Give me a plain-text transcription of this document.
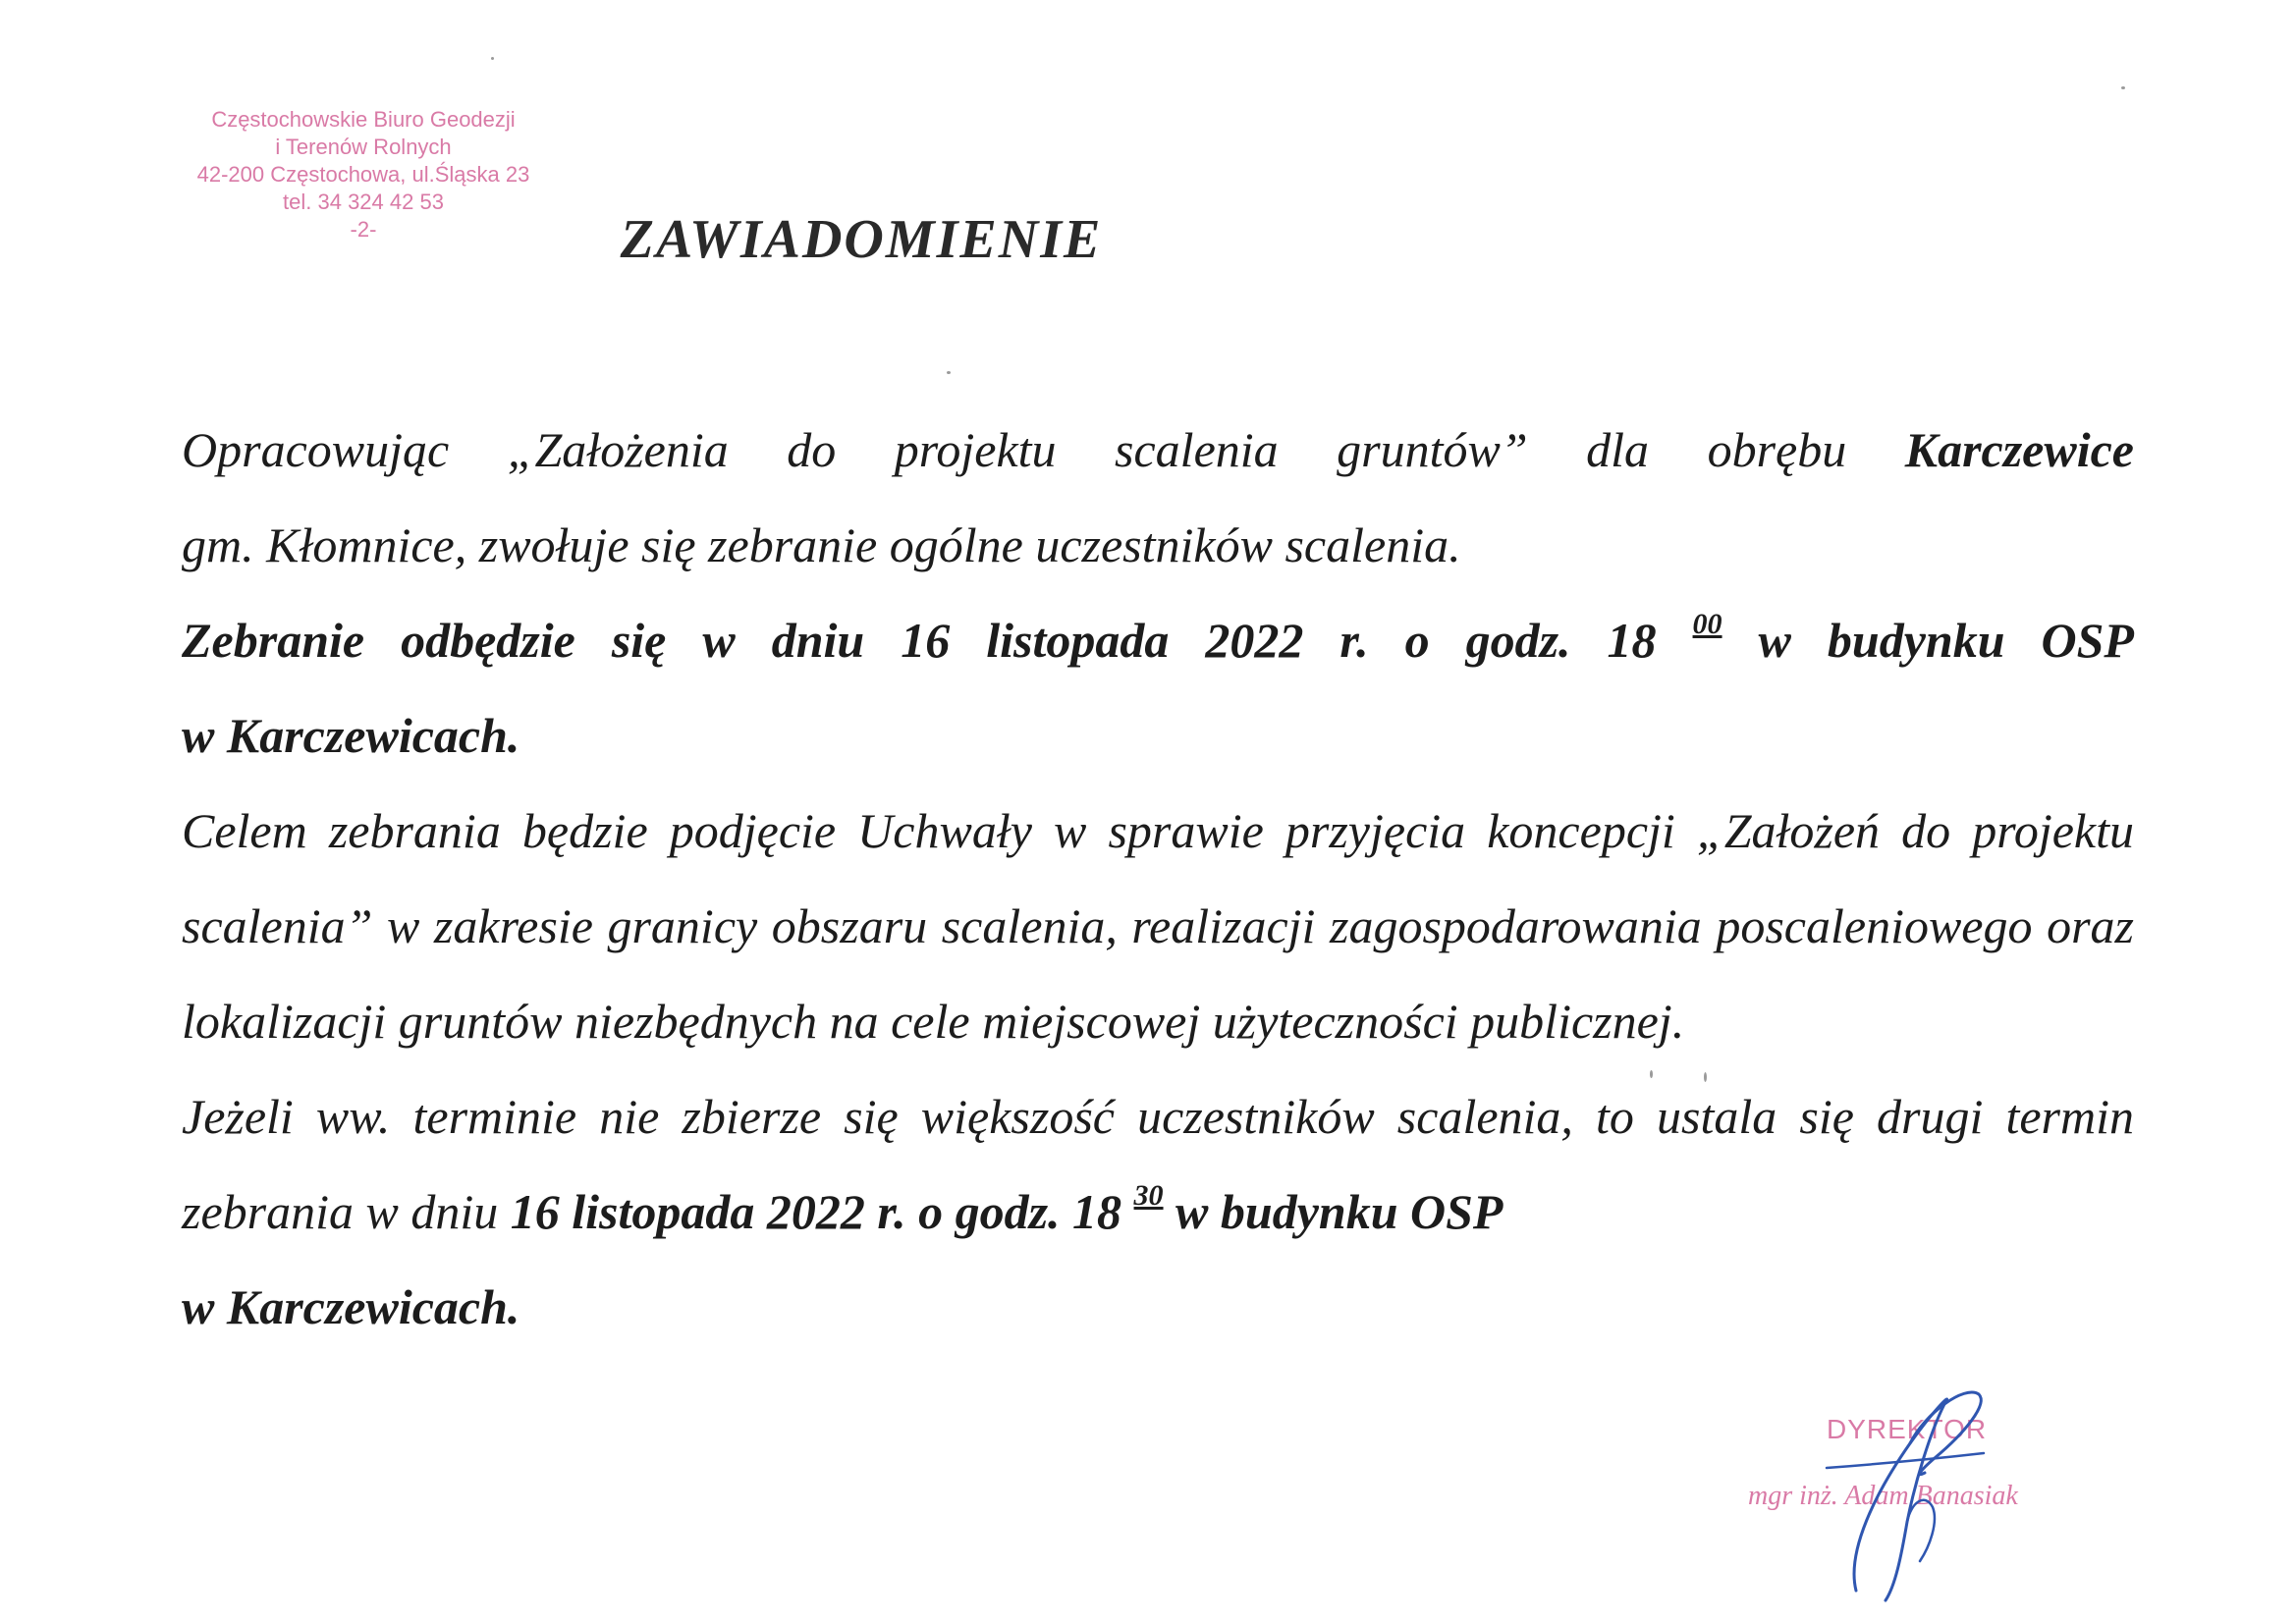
Częstochowskie Biuro Geodezji
i Terenów Rolnych
42-200 Częstochowa, ul.Śląska 23
tel. 34 324 42 53
-2-	ZAWIADOMIENIE

Opracowując „Założenia do projektu scalenia gruntów” dla obrębu Karczewice

gm. Kłomnice, zwołuje się zebranie ogólne uczestników scalenia.

Zebranie odbędzie się w dniu 16 listopada 2022 r. o godz. 18 $^{00}$ w budynku OSP

w Karczewicach.

Celem zebrania będzie podjęcie Uchwały w sprawie przyjęcia koncepcji „Założeń do projektu scalenia” w zakresie granicy obszaru scalenia, realizacji zagospodarowania poscaleniowego oraz lokalizacji gruntów niezbędnych na cele miejscowej użyteczności publicznej.

Jeżeli ww. terminie nie zbierze się większość uczestników scalenia, to ustala się drugi termin zebrania w dniu 16 listopada 2022 r. o godz. 18 $^{30}$ w budynku OSP

w Karczewicach.

DYREKTOR
mgr inż. Adam Banasiak
